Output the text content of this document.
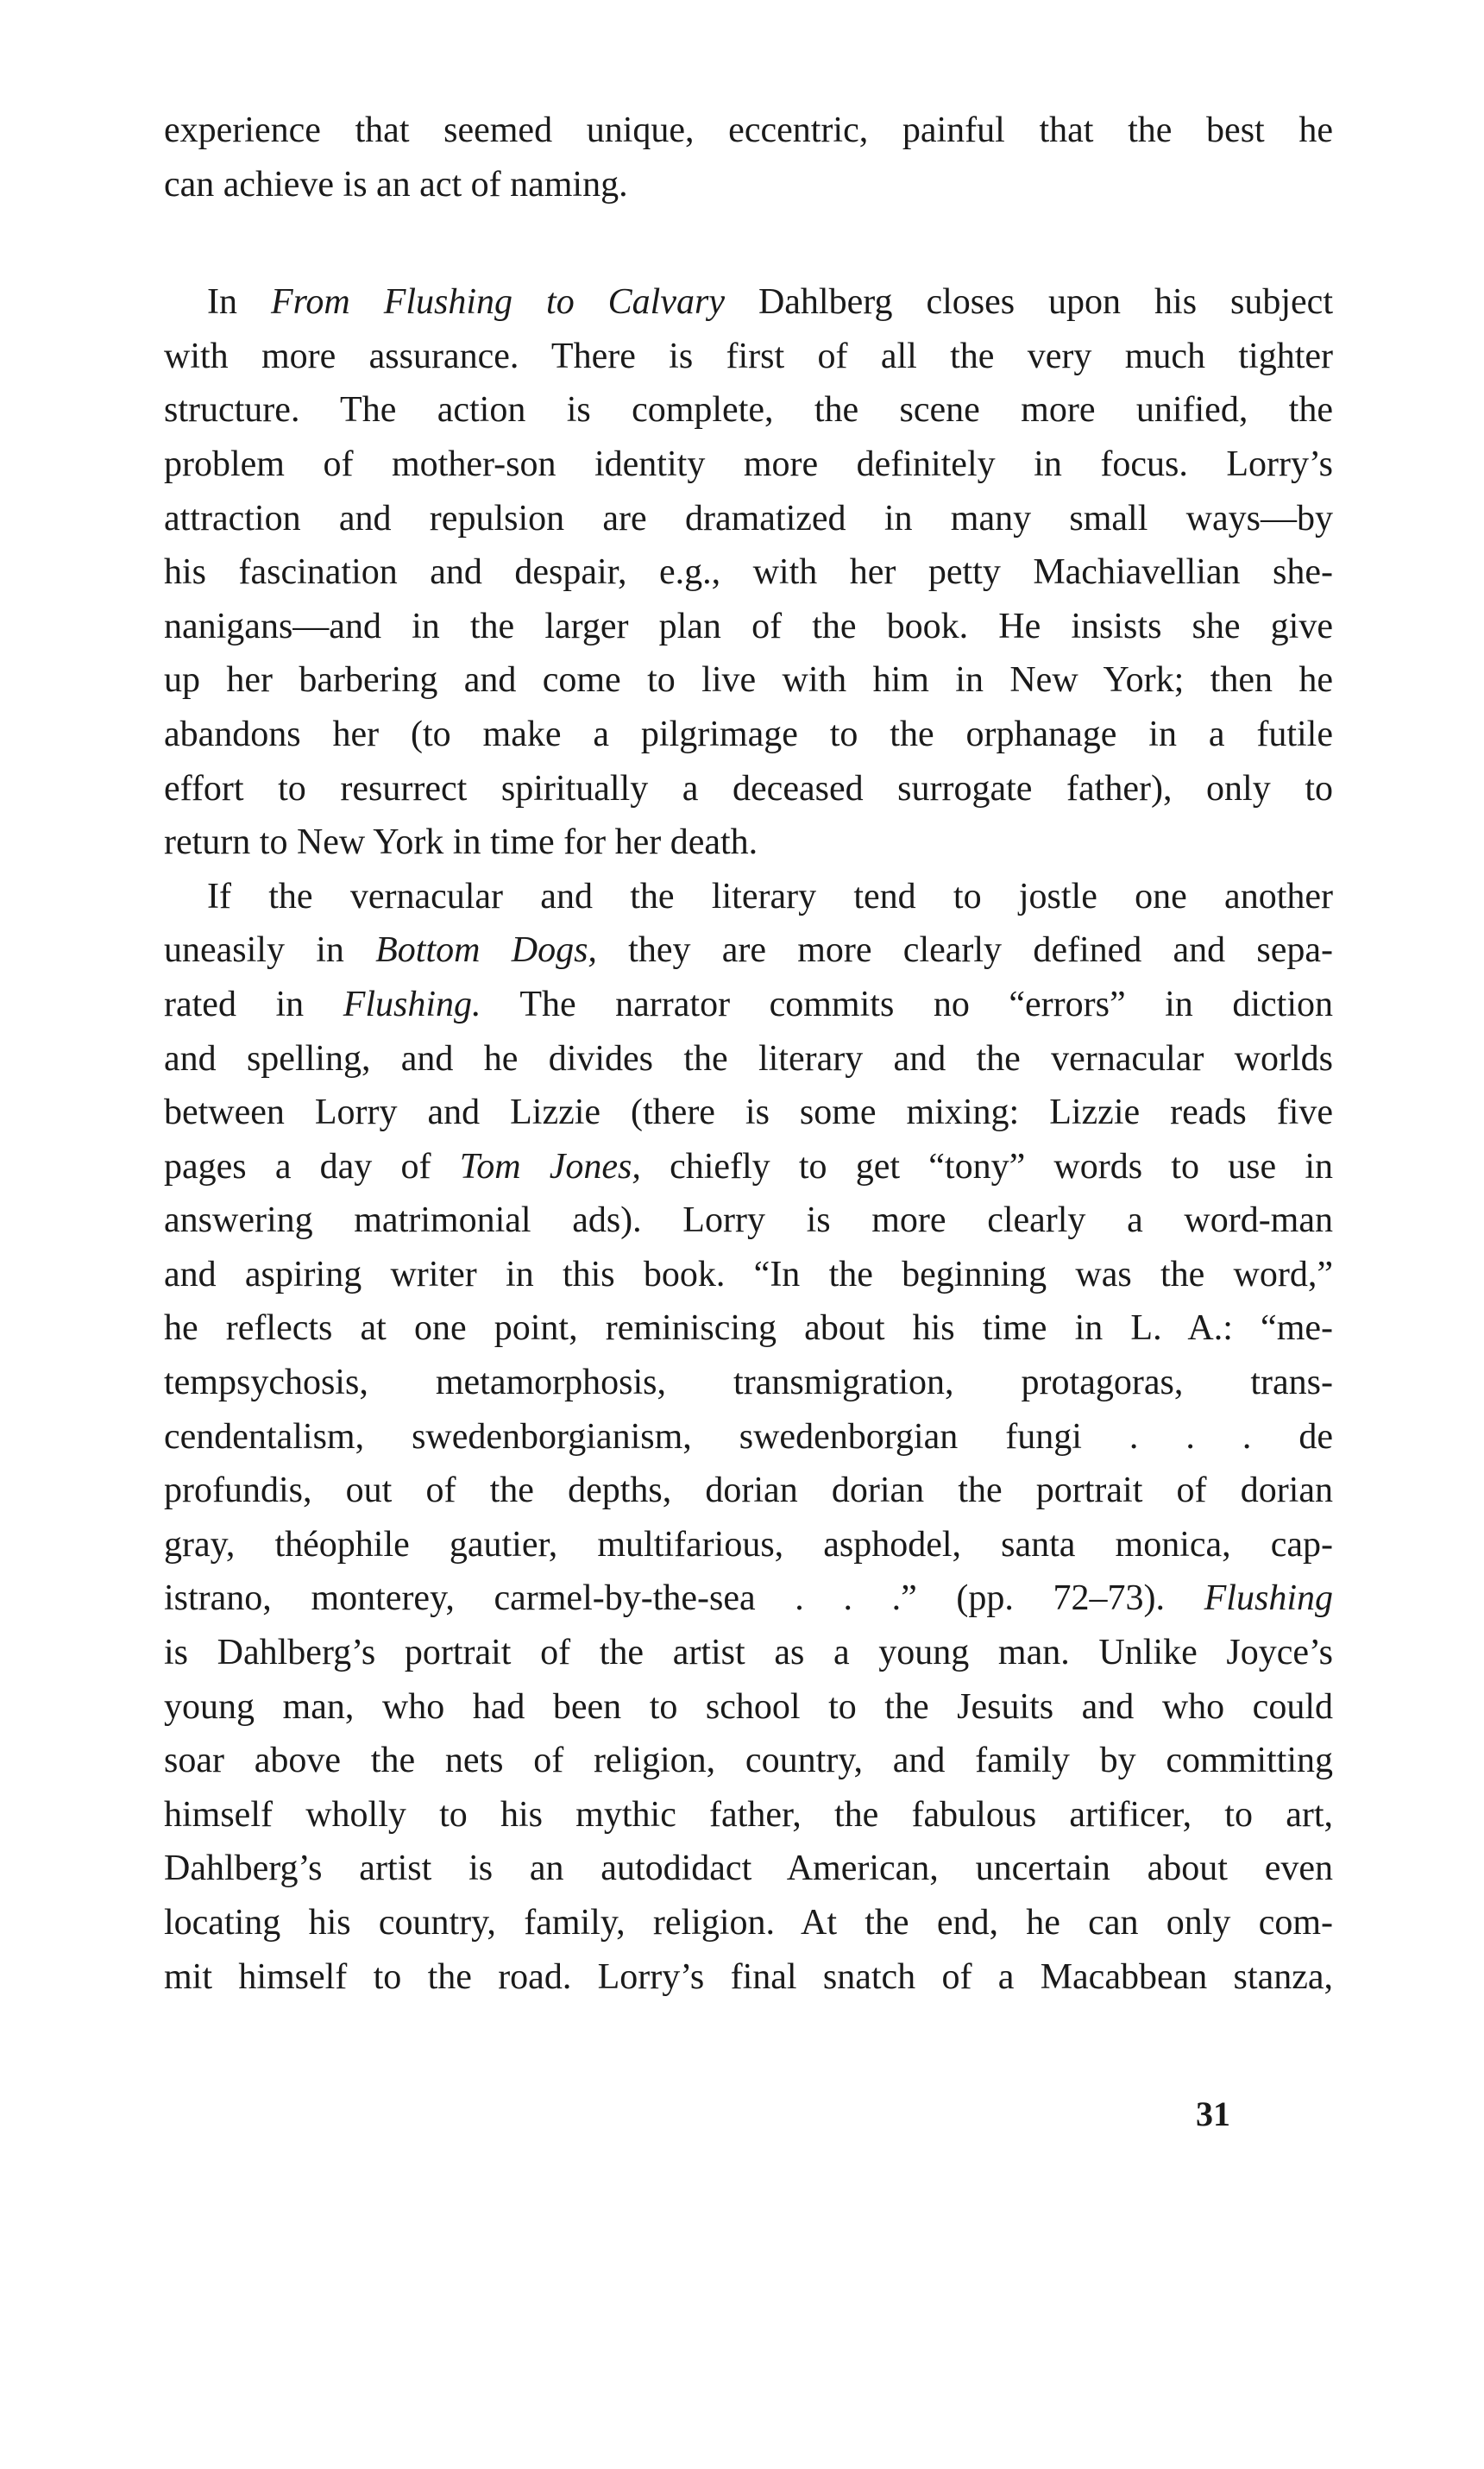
experience that seemed unique, eccentric, painful that the best he
can achieve is an act of naming.
In From Flushing to Calvary Dahlberg closes upon his subject
with more assurance. There is first of all the very much tighter
structure. The action is complete, the scene more unified, the
problem of mother-son identity more definitely in focus. Lorry’s
attraction and repulsion are dramatized in many small ways—by
his fascination and despair, e.g., with her petty Machiavellian she-
nanigans—and in the larger plan of the book. He insists she give
up her barbering and come to live with him in New York; then he
abandons her (to make a pilgrimage to the orphanage in a futile
effort to resurrect spiritually a deceased surrogate father), only to
return to New York in time for her death.
If the vernacular and the literary tend to jostle one another
uneasily in Bottom Dogs, they are more clearly defined and sepa-
rated in Flushing. The narrator commits no “errors” in diction
and spelling, and he divides the literary and the vernacular worlds
between Lorry and Lizzie (there is some mixing: Lizzie reads five
pages a day of Tom Jones, chiefly to get “tony” words to use in
answering matrimonial ads). Lorry is more clearly a word-man
and aspiring writer in this book. “In the beginning was the word,”
he reflects at one point, reminiscing about his time in L. A.: “me-
tempsychosis, metamorphosis, transmigration, protagoras, trans-
cendentalism, swedenborgianism, swedenborgian fungi . . . de
profundis, out of the depths, dorian dorian the portrait of dorian
gray, théophile gautier, multifarious, asphodel, santa monica, cap-
istrano, monterey, carmel-by-the-sea . . .” (pp. 72–73). Flushing
is Dahlberg’s portrait of the artist as a young man. Unlike Joyce’s
young man, who had been to school to the Jesuits and who could
soar above the nets of religion, country, and family by committing
himself wholly to his mythic father, the fabulous artificer, to art,
Dahlberg’s artist is an autodidact American, uncertain about even
locating his country, family, religion. At the end, he can only com-
mit himself to the road. Lorry’s final snatch of a Macabbean stanza,
31
